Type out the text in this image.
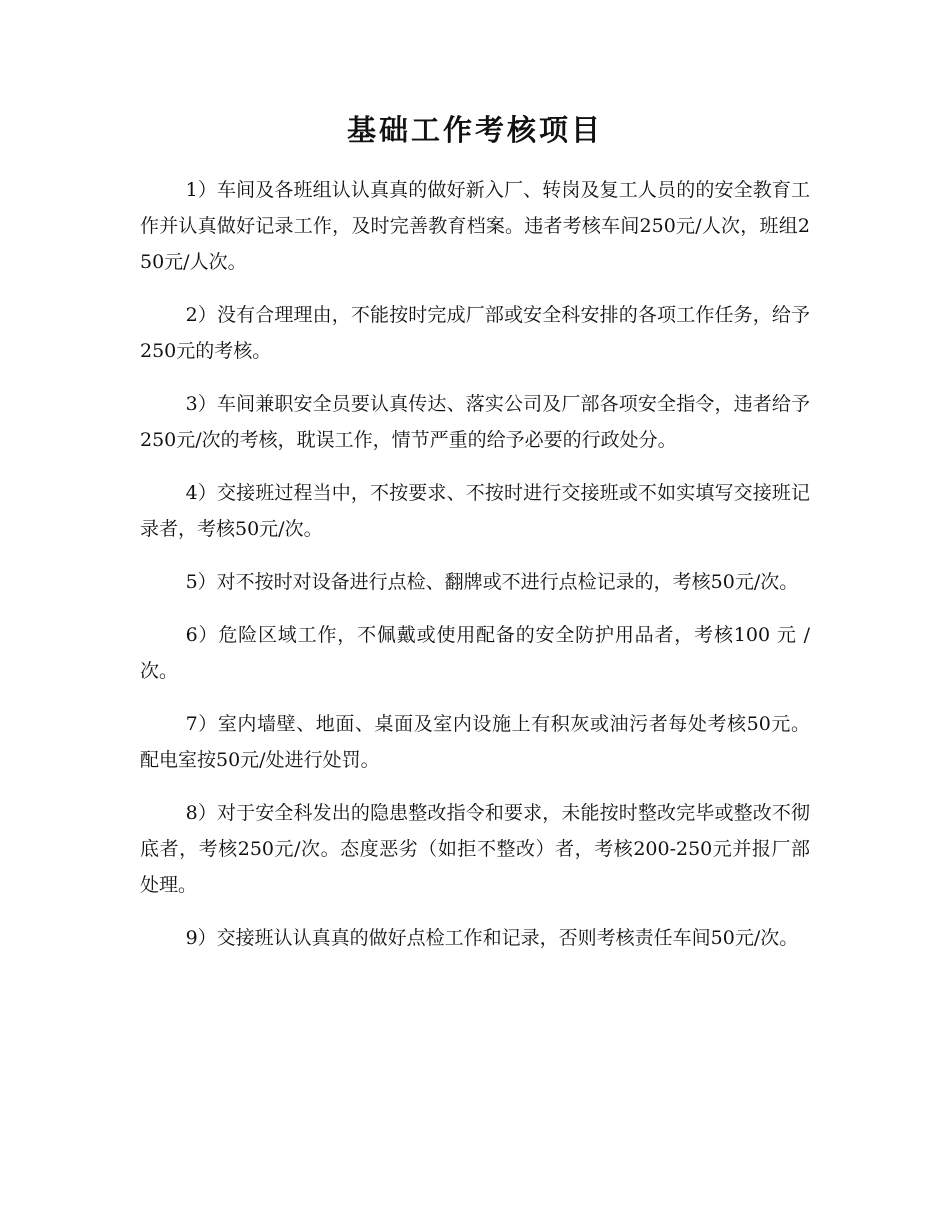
基础工作考核项目

1）车间及各班组认认真真的做好新入厂、转岗及复工人员的的安全教育工作并认真做好记录工作，及时完善教育档案。违者考核车间250元/人次，班组250元/人次。

2）没有合理理由，不能按时完成厂部或安全科安排的各项工作任务，给予250元的考核。

3）车间兼职安全员要认真传达、落实公司及厂部各项安全指令，违者给予250元/次的考核，耽误工作，情节严重的给予必要的行政处分。

4）交接班过程当中，不按要求、不按时进行交接班或不如实填写交接班记录者，考核50元/次。

5）对不按时对设备进行点检、翻牌或不进行点检记录的，考核50元/次。

6）危险区域工作，不佩戴或使用配备的安全防护用品者，考核100 元 / 次。

7）室内墙壁、地面、桌面及室内设施上有积灰或油污者每处考核50元。配电室按50元/处进行处罚。

8）对于安全科发出的隐患整改指令和要求，未能按时整改完毕或整改不彻底者，考核250元/次。态度恶劣（如拒不整改）者，考核200-250元并报厂部处理。

9）交接班认认真真的做好点检工作和记录，否则考核责任车间50元/次。
